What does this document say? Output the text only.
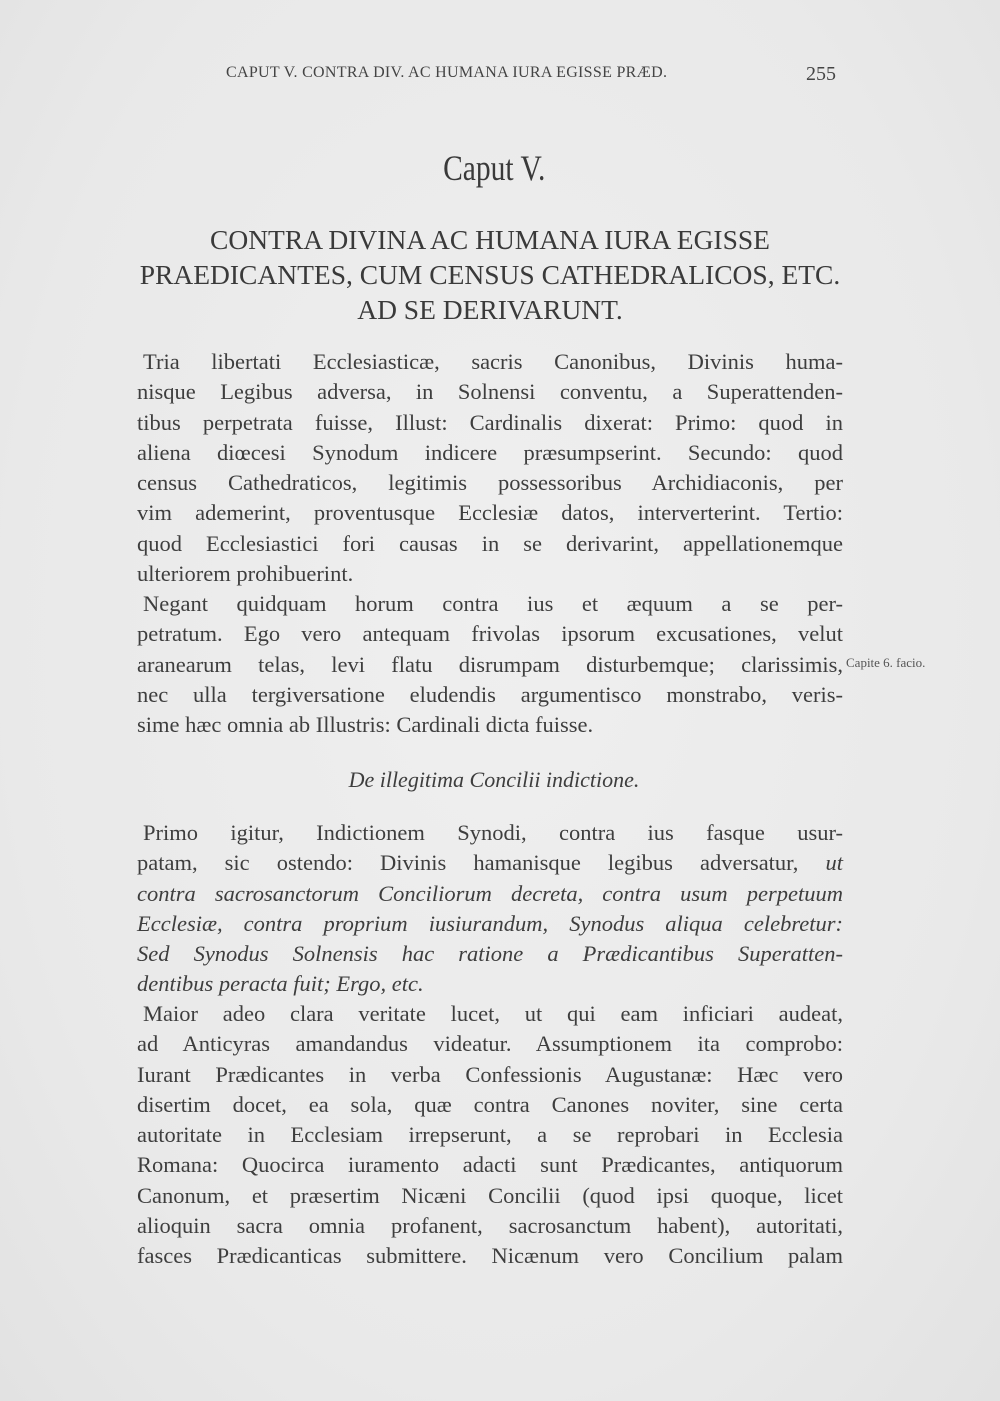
CAPUT V. CONTRA DIV. AC HUMANA IURA EGISSE PRÆD.	255
Caput V.
CONTRA DIVINA AC HUMANA IURA EGISSE PRAEDICANTES, CUM CENSUS CATHEDRALICOS, ETC. AD SE DERIVARUNT.
Tria libertati Ecclesiasticæ, sacris Canonibus, Divinis huma-
nisque Legibus adversa, in Solnensi conventu, a Superattenden-
tibus perpetrata fuisse, Illust: Cardinalis dixerat: Primo: quod in
aliena diœcesi Synodum indicere præsumpserint. Secundo: quod
census Cathedraticos, legitimis possessoribus Archidiaconis, per
vim ademerint, proventusque Ecclesiæ datos, interverterint. Tertio:
quod Ecclesiastici fori causas in se derivarint, appellationemque
ulteriorem prohibuerint.
Negant quidquam horum contra ius et æquum a se per-
petratum. Ego vero antequam frivolas ipsorum excusationes, velut
aranearum telas, levi flatu disrumpam disturbemque; clarissimis,
nec ulla tergiversatione eludendis argumentisco monstrabo, veris-
sime hæc omnia ab Illustris: Cardinali dicta fuisse.
Capite 6. facio.
De illegitima Concilii indictione.
Primo igitur, Indictionem Synodi, contra ius fasque usur-
patam, sic ostendo: Divinis hamanisque legibus adversatur, ut
contra sacrosanctorum Conciliorum decreta, contra usum perpetuum
Ecclesiæ, contra proprium iusiurandum, Synodus aliqua celebretur:
Sed Synodus Solnensis hac ratione a Prædicantibus Superatten-
dentibus peracta fuit; Ergo, etc.
Maior adeo clara veritate lucet, ut qui eam inficiari audeat,
ad Anticyras amandandus videatur. Assumptionem ita comprobo:
Iurant Prædicantes in verba Confessionis Augustanæ: Hæc vero
disertim docet, ea sola, quæ contra Canones noviter, sine certa
autoritate in Ecclesiam irrepserunt, a se reprobari in Ecclesia
Romana: Quocirca iuramento adacti sunt Prædicantes, antiquorum
Canonum, et præsertim Nicæni Concilii (quod ipsi quoque, licet
alioquin sacra omnia profanent, sacrosanctum habent), autoritati,
fasces Prædicanticas submittere. Nicænum vero Concilium palam
